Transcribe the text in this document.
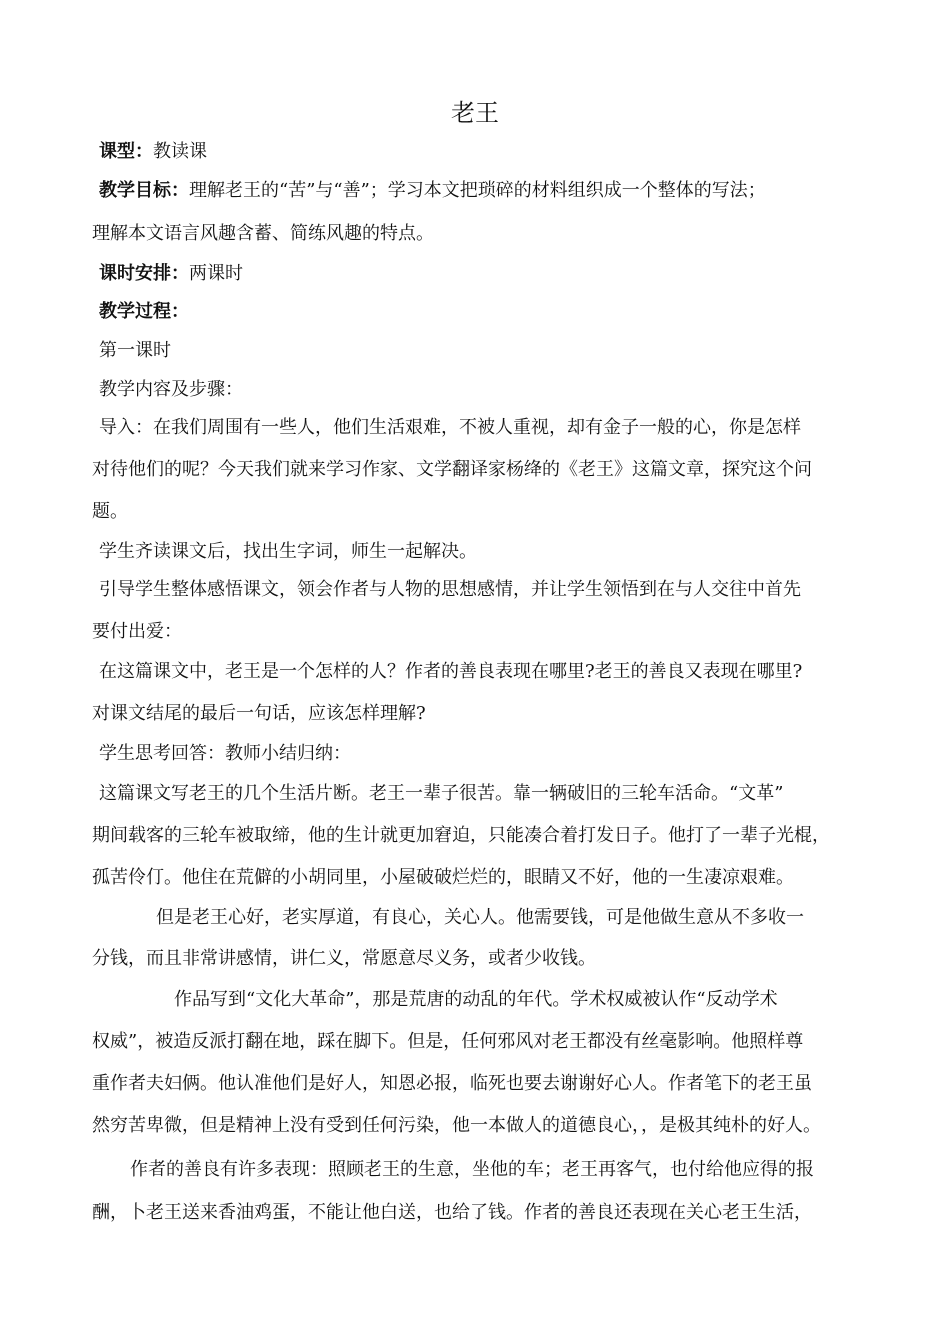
老王
课型：教读课
教学目标：理解老王的“苦”与“善”；学习本文把琐碎的材料组织成一个整体的写法；
理解本文语言风趣含蓄、简练风趣的特点。
课时安排：两课时
教学过程：
第一课时
教学内容及步骤：
导入：在我们周围有一些人，他们生活艰难，不被人重视，却有金子一般的心，你是怎样
对待他们的呢？今天我们就来学习作家、文学翻译家杨绛的《老王》这篇文章，探究这个问
题。
学生齐读课文后，找出生字词，师生一起解决。
引导学生整体感悟课文，领会作者与人物的思想感情，并让学生领悟到在与人交往中首先
要付出爱：
在这篇课文中，老王是一个怎样的人？作者的善良表现在哪里?老王的善良又表现在哪里?
对课文结尾的最后一句话，应该怎样理解?
学生思考回答：教师小结归纳：
这篇课文写老王的几个生活片断。老王一辈子很苦。靠一辆破旧的三轮车活命。“文革”
期间载客的三轮车被取缔，他的生计就更加窘迫，只能凑合着打发日子。他打了一辈子光棍，
孤苦伶仃。他住在荒僻的小胡同里，小屋破破烂烂的，眼睛又不好，他的一生凄凉艰难。
但是老王心好，老实厚道，有良心，关心人。他需要钱，可是他做生意从不多收一
分钱，而且非常讲感情，讲仁义，常愿意尽义务，或者少收钱。
作品写到“文化大革命”，那是荒唐的动乱的年代。学术权威被认作“反动学术
权威”，被造反派打翻在地，踩在脚下。但是，任何邪风对老王都没有丝毫影响。他照样尊
重作者夫妇俩。他认准他们是好人，知恩必报，临死也要去谢谢好心人。作者笔下的老王虽
然穷苦卑微，但是精神上没有受到任何污染，他一本做人的道德良心，，是极其纯朴的好人。
作者的善良有许多表现：照顾老王的生意，坐他的车；老王再客气，也付给他应得的报
酬，卜老王送来香油鸡蛋，不能让他白送，也给了钱。作者的善良还表现在关心老王生活，
